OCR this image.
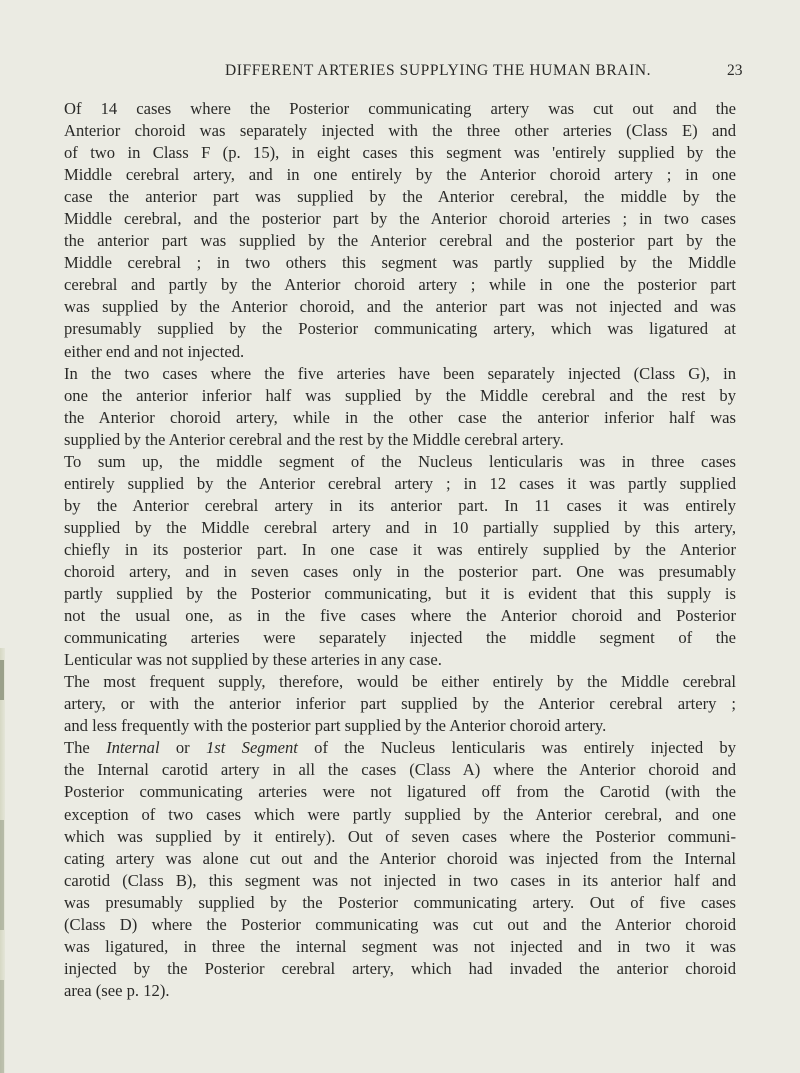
DIFFERENT ARTERIES SUPPLYING THE HUMAN BRAIN.	23
Of 14 cases where the Posterior communicating artery was cut out and the
Anterior choroid was separately injected with the three other arteries (Class E) and
of two in Class F (p. 15), in eight cases this segment was 'entirely supplied by the
Middle cerebral artery, and in one entirely by the Anterior choroid artery ; in one
case the anterior part was supplied by the Anterior cerebral, the middle by the
Middle cerebral, and the posterior part by the Anterior choroid arteries ; in two cases
the anterior part was supplied by the Anterior cerebral and the posterior part by the
Middle cerebral ; in two others this segment was partly supplied by the Middle
cerebral and partly by the Anterior choroid artery ; while in one the posterior part
was supplied by the Anterior choroid, and the anterior part was not injected and was
presumably supplied by the Posterior communicating artery, which was ligatured at
either end and not injected.
In the two cases where the five arteries have been separately injected (Class G), in
one the anterior inferior half was supplied by the Middle cerebral and the rest by
the Anterior choroid artery, while in the other case the anterior inferior half was
supplied by the Anterior cerebral and the rest by the Middle cerebral artery.
To sum up, the middle segment of the Nucleus lenticularis was in three cases
entirely supplied by the Anterior cerebral artery ; in 12 cases it was partly supplied
by the Anterior cerebral artery in its anterior part. In 11 cases it was entirely
supplied by the Middle cerebral artery and in 10 partially supplied by this artery,
chiefly in its posterior part. In one case it was entirely supplied by the Anterior
choroid artery, and in seven cases only in the posterior part. One was presumably
partly supplied by the Posterior communicating, but it is evident that this supply is
not the usual one, as in the five cases where the Anterior choroid and Posterior
communicating arteries were separately injected the middle segment of the
Lenticular was not supplied by these arteries in any case.
The most frequent supply, therefore, would be either entirely by the Middle cerebral
artery, or with the anterior inferior part supplied by the Anterior cerebral artery ;
and less frequently with the posterior part supplied by the Anterior choroid artery.
The Internal or 1st Segment of the Nucleus lenticularis was entirely injected by
the Internal carotid artery in all the cases (Class A) where the Anterior choroid and
Posterior communicating arteries were not ligatured off from the Carotid (with the
exception of two cases which were partly supplied by the Anterior cerebral, and one
which was supplied by it entirely). Out of seven cases where the Posterior communi-
cating artery was alone cut out and the Anterior choroid was injected from the Internal
carotid (Class B), this segment was not injected in two cases in its anterior half and
was presumably supplied by the Posterior communicating artery. Out of five cases
(Class D) where the Posterior communicating was cut out and the Anterior choroid
was ligatured, in three the internal segment was not injected and in two it was
injected by the Posterior cerebral artery, which had invaded the anterior choroid
area (see p. 12).
